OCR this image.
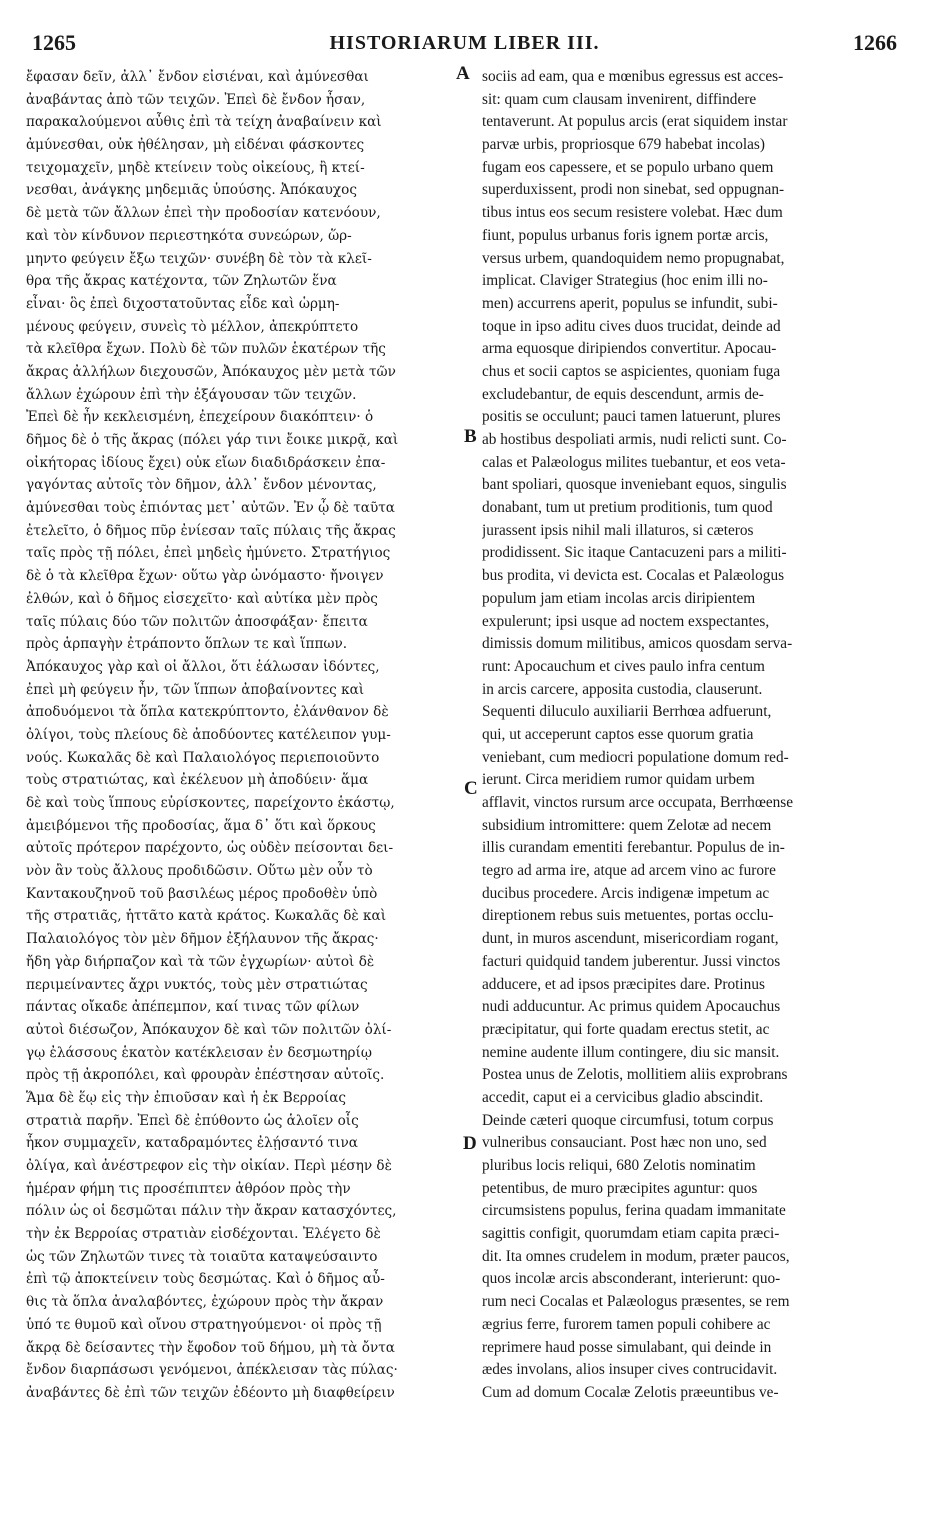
1265	HISTORIARUM LIBER III.	1266
ἔφασαν δεῖν, ἀλλ᾿ ἔνδον εἰσιέναι, καὶ ἀμύνεσθαι
ἀναβάντας ἀπὸ τῶν τειχῶν. Ἐπεὶ δὲ ἔνδον ἦσαν,
παρακαλούμενοι αὖθις ἐπὶ τὰ τείχη ἀναβαίνειν καὶ
ἀμύνεσθαι, οὐκ ἠθέλησαν, μὴ εἰδέναι φάσκοντες
τειχομαχεῖν, μηδὲ κτείνειν τοὺς οἰκείους, ἢ κτεί-
νεσθαι, ἀνάγκης μηδεμιᾶς ὑπούσης. Ἀπόκαυχος
δὲ μετὰ τῶν ἄλλων ἐπεὶ τὴν προδοσίαν κατενόουν,
καὶ τὸν κίνδυνον περιεστηκότα συνεώρων, ὥρ-
μηντο φεύγειν ἔξω τειχῶν· συνέβη δὲ τὸν τὰ κλεῖ-
θρα τῆς ἄκρας κατέχοντα, τῶν Ζηλωτῶν ἕνα
εἶναι· ὃς ἐπεὶ διχοστατοῦντας εἶδε καὶ ὡρμη-
μένους φεύγειν, συνεὶς τὸ μέλλον, ἀπεκρύπτετο
τὰ κλεῖθρα ἔχων. Πολὺ δὲ τῶν πυλῶν ἑκατέρων τῆς
ἄκρας ἀλλήλων διεχουσῶν, Ἀπόκαυχος μὲν μετὰ τῶν
ἄλλων ἐχώρουν ἐπὶ τὴν ἐξάγουσαν τῶν τειχῶν.
Ἐπεὶ δὲ ἦν κεκλεισμένη, ἐπεχείρουν διακόπτειν· ὁ
δῆμος δὲ ὁ τῆς ἄκρας (πόλει γάρ τινι ἔοικε μικρᾷ, καὶ
οἰκήτορας ἰδίους ἔχει) οὐκ εἴων διαδιδράσκειν ἐπα-
γαγόντας αὐτοῖς τὸν δῆμον, ἀλλ᾿ ἔνδον μένοντας,
ἀμύνεσθαι τοὺς ἐπιόντας μετ᾿ αὐτῶν. Ἐν ᾧ δὲ ταῦτα
ἐτελεῖτο, ὁ δῆμος πῦρ ἐνίεσαν ταῖς πύλαις τῆς ἄκρας
ταῖς πρὸς τῇ πόλει, ἐπεὶ μηδεὶς ἠμύνετο. Στρατήγιος
δὲ ὁ τὰ κλεῖθρα ἔχων· οὕτω γὰρ ὠνόμαστο· ἤνοιγεν
ἐλθών, καὶ ὁ δῆμος εἰσεχεῖτο· καὶ αὐτίκα μὲν πρὸς
ταῖς πύλαις δύο τῶν πολιτῶν ἀποσφάξαν· ἔπειτα
πρὸς ἁρπαγὴν ἐτράποντο ὅπλων τε καὶ ἵππων.
Ἀπόκαυχος γὰρ καὶ οἱ ἄλλοι, ὅτι ἑάλωσαν ἰδόντες,
ἐπεὶ μὴ φεύγειν ἦν, τῶν ἵππων ἀποβαίνοντες καὶ
ἀποδυόμενοι τὰ ὅπλα κατεκρύπτοντο, ἐλάνθανον δὲ
ὀλίγοι, τοὺς πλείους δὲ ἀποδύοντες κατέλειπον γυμ-
νούς. Κωκαλᾶς δὲ καὶ Παλαιολόγος περιεποιοῦντο
τοὺς στρατιώτας, καὶ ἐκέλευον μὴ ἀποδύειν· ἅμα
δὲ καὶ τοὺς ἵππους εὑρίσκοντες, παρείχοντο ἑκάστῳ,
ἀμειβόμενοι τῆς προδοσίας, ἅμα δ᾿ ὅτι καὶ ὅρκους
αὐτοῖς πρότερον παρέχοντο, ὡς οὐδὲν πείσονται δει-
νὸν ἂν τοὺς ἄλλους προδιδῶσιν. Οὕτω μὲν οὖν τὸ
Καντακουζηνοῦ τοῦ βασιλέως μέρος προδοθὲν ὑπὸ
τῆς στρατιᾶς, ἡττᾶτο κατὰ κράτος. Κωκαλᾶς δὲ καὶ
Παλαιολόγος τὸν μὲν δῆμον ἐξήλαυνον τῆς ἄκρας·
ἤδη γὰρ διήρπαζον καὶ τὰ τῶν ἐγχωρίων· αὐτοὶ δὲ
περιμείναντες ἄχρι νυκτός, τοὺς μὲν στρατιώτας
πάντας οἴκαδε ἀπέπεμπον, καί τινας τῶν φίλων
αὐτοὶ διέσωζον, Ἀπόκαυχον δὲ καὶ τῶν πολιτῶν ὀλί-
γῳ ἐλάσσους ἑκατὸν κατέκλεισαν ἐν δεσμωτηρίῳ
πρὸς τῇ ἀκροπόλει, καὶ φρουρὰν ἐπέστησαν αὐτοῖς.
Ἅμα δὲ ἕῳ εἰς τὴν ἐπιοῦσαν καὶ ἡ ἐκ Βερρoίας
στρατιὰ παρῆν. Ἐπεὶ δὲ ἐπύθοντο ὡς ἁλοῖεν οἷς
ἧκον συμμαχεῖν, καταδραμόντες ἐλῄσαντό τινα
ὀλίγα, καὶ ἀνέστρεφον εἰς τὴν οἰκίαν. Περὶ μέσην δὲ
ἡμέραν φήμη τις προσέπιπτεν ἀθρόον πρὸς τὴν
πόλιν ὡς οἱ δεσμῶται πάλιν τὴν ἄκραν κατασχόντες,
τὴν ἐκ Βερρoίας στρατιὰν εἰσδέχονται. Ἐλέγετο δὲ
ὡς τῶν Ζηλωτῶν τινες τὰ τοιαῦτα καταψεύσαιντο
ἐπὶ τῷ ἀποκτείνειν τοὺς δεσμώτας. Καὶ ὁ δῆμος αὖ-
θις τὰ ὅπλα ἀναλαβόντες, ἐχώρουν πρὸς τὴν ἄκραν
ὑπό τε θυμοῦ καὶ οἴνου στρατηγούμενοι· οἱ πρὸς τῇ
ἄκρᾳ δὲ δείσαντες τὴν ἔφοδον τοῦ δήμου, μὴ τὰ ὄντα
ἔνδον διαρπάσωσι γενόμενοι, ἀπέκλεισαν τὰς πύλας·
ἀναβάντες δὲ ἐπὶ τῶν τειχῶν ἐδέοντο μὴ διαφθείρειν
A
B
C
D
sociis ad eam, qua e mœnibus egressus est acces-
sit: quam cum clausam invenirent, diffindere
tentaverunt. At populus arcis (erat siquidem instar
parvæ urbis, propriosque 679 habebat incolas)
fugam eos capessere, et se populo urbano quem
superduxissent, prodi non sinebat, sed oppugnan-
tibus intus eos secum resistere volebat. Hæc dum
fiunt, populus urbanus foris ignem portæ arcis,
versus urbem, quandoquidem nemo propugnabat,
implicat. Claviger Strategius (hoc enim illi no-
men) accurrens aperit, populus se infundit, subi-
toque in ipso aditu cives duos trucidat, deinde ad
arma equosque diripiendos convertitur. Apocau-
chus et socii captos se aspicientes, quoniam fuga
excludebantur, de equis descendunt, armis de-
positis se occulunt; pauci tamen latuerunt, plures
ab hostibus despoliati armis, nudi relicti sunt. Co-
calas et Palæologus milites tuebantur, et eos veta-
bant spoliari, quosque inveniebant equos, singulis
donabant, tum ut pretium proditionis, tum quod
jurassent ipsis nihil mali illaturos, si cæteros
prodidissent. Sic itaque Cantacuzeni pars a militi-
bus prodita, vi devicta est. Cocalas et Palæologus
populum jam etiam incolas arcis diripientem
expulerunt; ipsi usque ad noctem exspectantes,
dimissis domum militibus, amicos quosdam serva-
runt: Apocauchum et cives paulo infra centum
in arcis carcere, apposita custodia, clauserunt.
Sequenti diluculo auxiliarii Berrhœa adfuerunt,
qui, ut acceperunt captos esse quorum gratia
veniebant, cum mediocri populatione domum red-
ierunt. Circa meridiem rumor quidam urbem
afflavit, vinctos rursum arce occupata, Berrhœense
subsidium intromittere: quem Zelotæ ad necem
illis curandam ementiti ferebantur. Populus de in-
tegro ad arma ire, atque ad arcem vino ac furore
ducibus procedere. Arcis indigenæ impetum ac
direptionem rebus suis metuentes, portas occlu-
dunt, in muros ascendunt, misericordiam rogant,
facturi quidquid tandem juberentur. Jussi vinctos
adducere, et ad ipsos præcipites dare. Protinus
nudi adducuntur. Ac primus quidem Apocauchus
præcipitatur, qui forte quadam erectus stetit, ac
nemine audente illum contingere, diu sic mansit.
Postea unus de Zelotis, mollitiem aliis exprobrans
accedit, caput ei a cervicibus gladio abscindit.
Deinde cæteri quoque circumfusi, totum corpus
vulneribus consauciant. Post hæc non uno, sed
pluribus locis reliqui, 680 Zelotis nominatim
petentibus, de muro præcipites aguntur: quos
circumsistens populus, ferina quadam immanitate
sagittis configit, quorumdam etiam capita præci-
dit. Ita omnes crudelem in modum, præter paucos,
quos incolæ arcis absconderant, interierunt: quo-
rum neci Cocalas et Palæologus præsentes, se rem
ægrius ferre, furorem tamen populi cohibere ac
reprimere haud posse simulabant, qui deinde in
ædes involans, alios insuper cives contrucidavit.
Cum ad domum Cocalæ Zelotis præeuntibus ve-
